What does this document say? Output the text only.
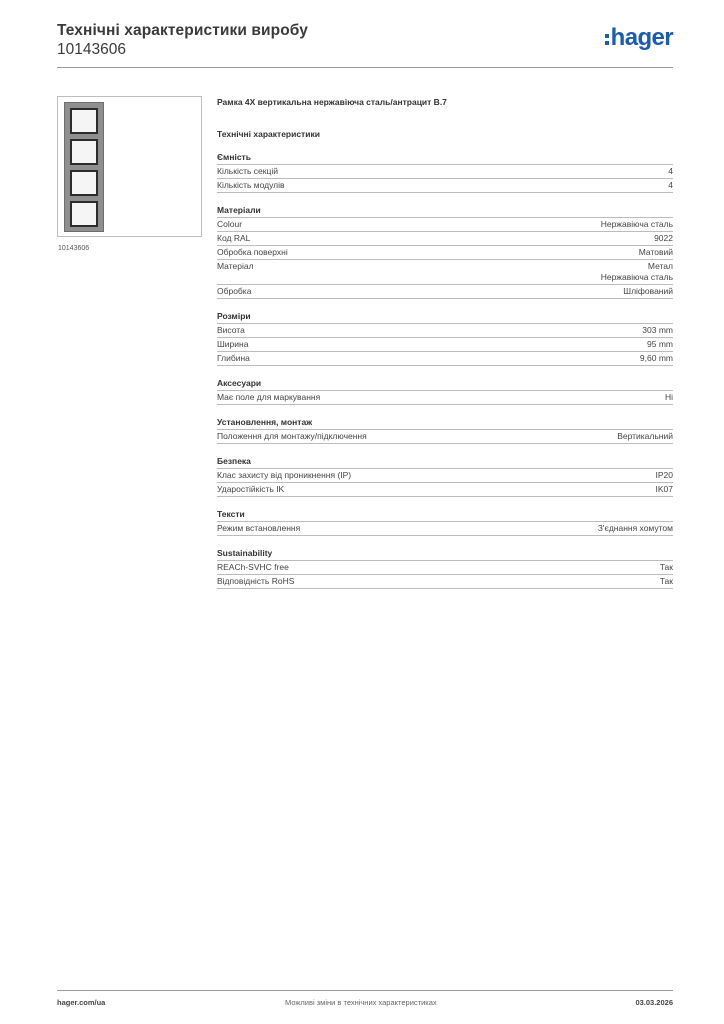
Технічні характеристики виробу
10143606	hager
10143606
Рамка 4X вертикальна нержавіюча сталь/антрацит B.7
Технічні характеристики
Ємність
Кількість секцій	4
Кількість модулів	4
Матеріали
Colour	Нержавіюча сталь
Код RAL	9022
Обробка поверхні	Матовий
Матеріал	Метал
Нержавіюча сталь
Обробка	Шліфований
Розміри
Висота	303 mm
Ширина	95 mm
Глибина	9,60 mm
Аксесуари
Має поле для маркування	Ні
Установлення, монтаж
Положення для монтажу/підключення	Вертикальний
Безпека
Клас захисту від проникнення (IP)	IP20
Ударостійкість IK	IK07
Тексти
Режим встановлення	З'єднання хомутом
Sustainability
REACh-SVHC free	Так
Відповідність RoHS	Так
hager.com/ua	Можливі зміни в технічних характеристиках	03.03.2026
